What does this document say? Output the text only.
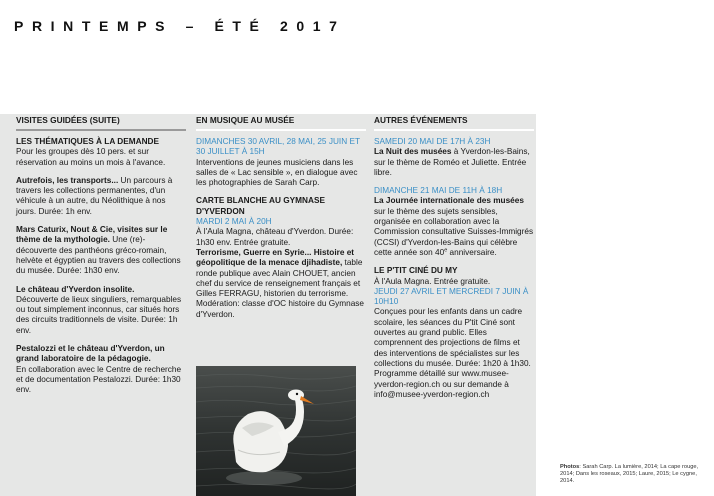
PRINTEMPS – ÉTÉ 2017
VISITES GUIDÉES (SUITE)
LES THÉMATIQUES À LA DEMANDE
Pour les groupes dès 10 pers. et sur réservation au moins un mois à l'avance.
Autrefois, les transports... Un parcours à travers les collections permanentes, d'un véhicule à un autre, du Néolithique à nos jours. Durée: 1h env.
Mars Caturix, Nout & Cie, visites sur le thème de la mythologie. Une (re)-découverte des panthéons gréco-romain, helvète et égyptien au travers des collections du musée. Durée: 1h30 env.
Le château d'Yverdon insolite.
Découverte de lieux singuliers, remarquables ou tout simplement inconnus, car situés hors des circuits traditionnels de visite. Durée: 1h env.
Pestalozzi et le château d'Yverdon, un grand laboratoire de la pédagogie.
En collaboration avec le Centre de recherche et de documentation Pestalozzi. Durée: 1h30 env.
EN MUSIQUE AU MUSÉE
DIMANCHES 30 AVRIL, 28 MAI, 25 JUIN ET 30 JUILLET À 15H
Interventions de jeunes musiciens dans les salles de « Lac sensible », en dialogue avec les photographies de Sarah Carp.
CARTE BLANCHE AU GYMNASE D'YVERDON
MARDI 2 MAI À 20H
À l'Aula Magna, château d'Yverdon. Durée: 1h30 env. Entrée gratuite.
Terrorisme, Guerre en Syrie... Histoire et géopolitique de la menace djihadiste, table ronde publique avec Alain CHOUET, ancien chef du service de renseignement français et Gilles FERRAGU, historien du terrorisme. Modération: classe d'OC histoire du Gymnase d'Yverdon.
AUTRES ÉVÉNEMENTS
SAMEDI 20 MAI DE 17H À 23H
La Nuit des musées à Yverdon-les-Bains, sur le thème de Roméo et Juliette. Entrée libre.
DIMANCHE 21 MAI DE 11H À 18H
La Journée internationale des musées sur le thème des sujets sensibles, organisée en collaboration avec la Commission consultative Suisses-Immigrés (CCSI) d'Yverdon-les-Bains qui célèbre cette année son 40e anniversaire.
LE P'TIT CINÉ DU MY
À l'Aula Magna. Entrée gratuite.
JEUDI 27 AVRIL ET MERCREDI 7 JUIN À 10H10
Conçues pour les enfants dans un cadre scolaire, les séances du P'tit Ciné sont ouvertes au grand public. Elles comprennent des projections de films et des interventions de spécialistes sur les collections du musée. Durée: 1h20 à 1h30. Programme détaillé sur www.musee-yverdon-region.ch ou sur demande à info@musee-yverdon-region.ch
Photos: Sarah Carp. La lumière, 2014; La cape rouge, 2014; Dans les roseaux, 2015; Laure, 2015; Le cygne, 2014.
